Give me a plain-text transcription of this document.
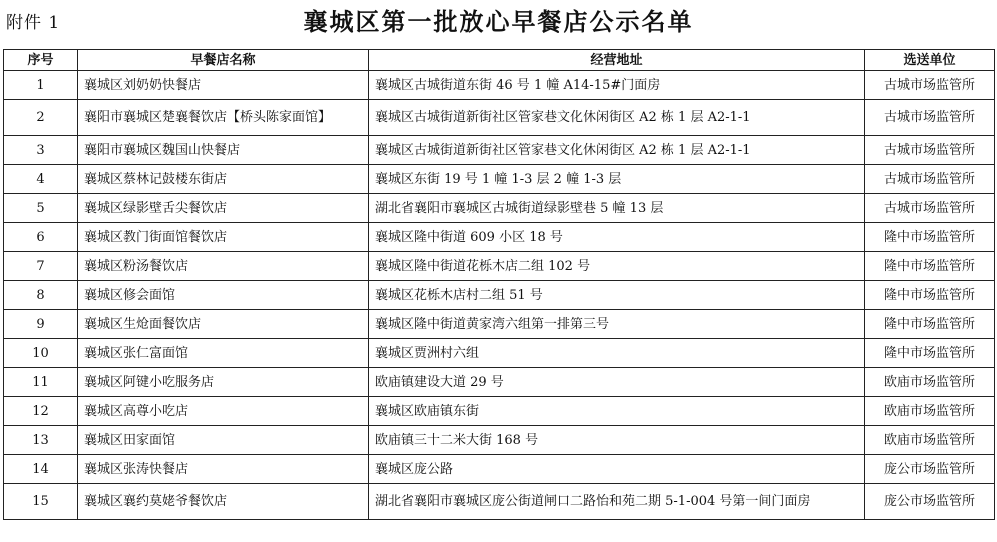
附件 1	襄城区第一批放心早餐店公示名单
序号	早餐店名称	经营地址	选送单位
1	襄城区刘奶奶快餐店	襄城区古城街道东街 46 号 1 幢 A14-15#门面房	古城市场监管所
2	襄阳市襄城区楚襄餐饮店【桥头陈家面馆】	襄城区古城街道新街社区管家巷文化休闲街区 A2 栋 1 层 A2-1-1	古城市场监管所
3	襄阳市襄城区魏国山快餐店	襄城区古城街道新街社区管家巷文化休闲街区 A2 栋 1 层 A2-1-1	古城市场监管所
4	襄城区蔡林记鼓楼东街店	襄城区东街 19 号 1 幢 1-3 层 2 幢 1-3 层	古城市场监管所
5	襄城区绿影壁舌尖餐饮店	湖北省襄阳市襄城区古城街道绿影壁巷 5 幢 13 层	古城市场监管所
6	襄城区教门街面馆餐饮店	襄城区隆中街道 609 小区 18 号	隆中市场监管所
7	襄城区粉汤餐饮店	襄城区隆中街道花栎木店二组 102 号	隆中市场监管所
8	襄城区修会面馆	襄城区花栎木店村二组 51 号	隆中市场监管所
9	襄城区生炝面餐饮店	襄城区隆中街道黄家湾六组第一排第三号	隆中市场监管所
10	襄城区张仁富面馆	襄城区贾洲村六组	隆中市场监管所
11	襄城区阿键小吃服务店	欧庙镇建设大道 29 号	欧庙市场监管所
12	襄城区高尊小吃店	襄城区欧庙镇东街	欧庙市场监管所
13	襄城区田家面馆	欧庙镇三十二米大街 168 号	欧庙市场监管所
14	襄城区张涛快餐店	襄城区庞公路	庞公市场监管所
15	襄城区襄约莫姥爷餐饮店	湖北省襄阳市襄城区庞公街道闸口二路怡和苑二期 5-1-004 号第一间门面房	庞公市场监管所
